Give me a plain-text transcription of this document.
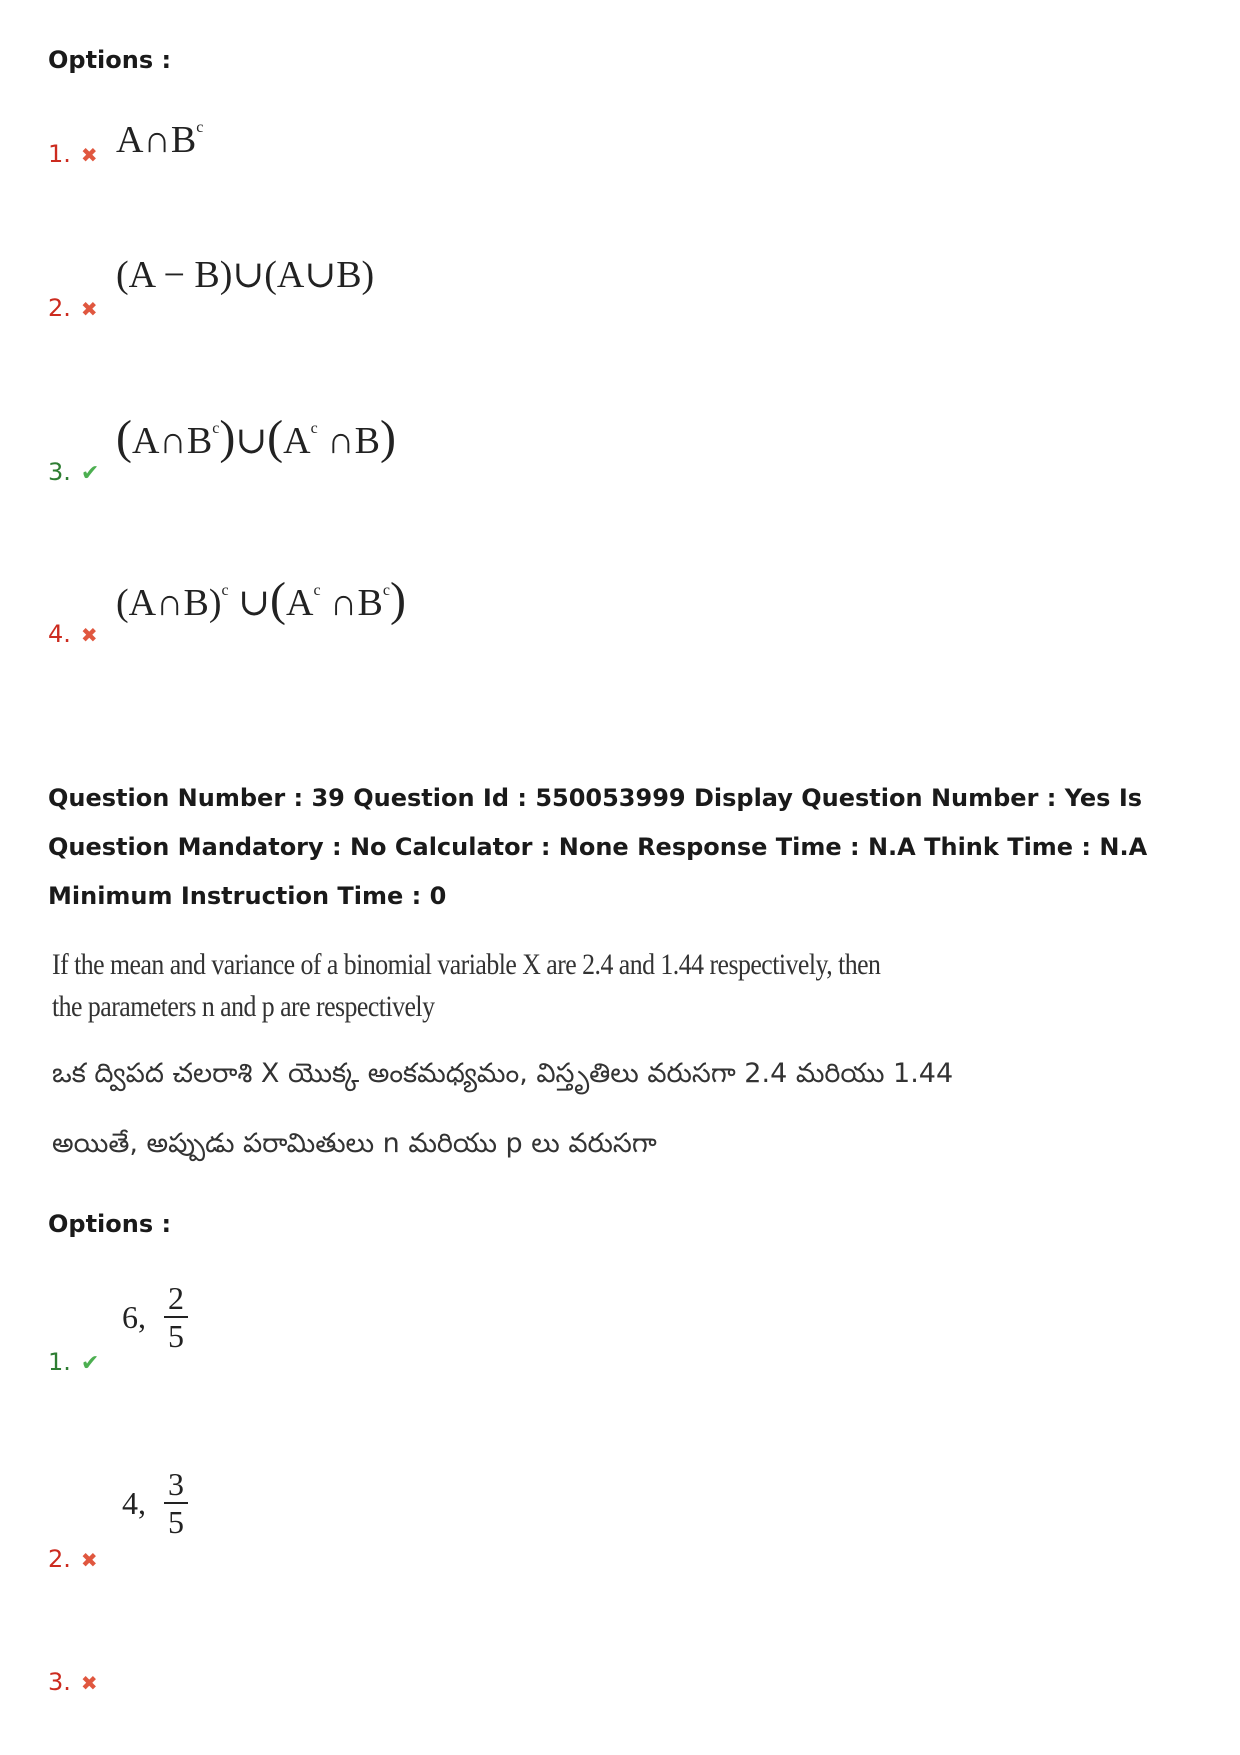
Options :
1. ✖ $A\cap B^c$
2. ✖
(A − B)∪(A∪B)
3. ✔
$(A\cap B^c)\cup(A^c$ ∩B)
4. ✖
(A∩B)$^c$ $\cup(A^c$ $\cap B^c$)
Question Number : 39 Question Id : 550053999 Display Question Number : Yes Is Question Mandatory : No Calculator : None Response Time : N.A Think Time : N.A Minimum Instruction Time : 0
If the mean and variance of a binomial variable X are 2.4 and 1.44 respectively, then
the parameters n and p are respectively
ఒక ద్విపద చలరాశి X యొక్క అంకమధ్యమం, విస్తృతిలు వరుసగా 2.4 మరియు 1.44
అయితే, అప్పుడు పరామితులు n మరియు p లు వరుసగా
Options :
1. ✔
6, $\frac{2}{5}$
2. ✖
4, $\frac{3}{5}$
3. ✖
